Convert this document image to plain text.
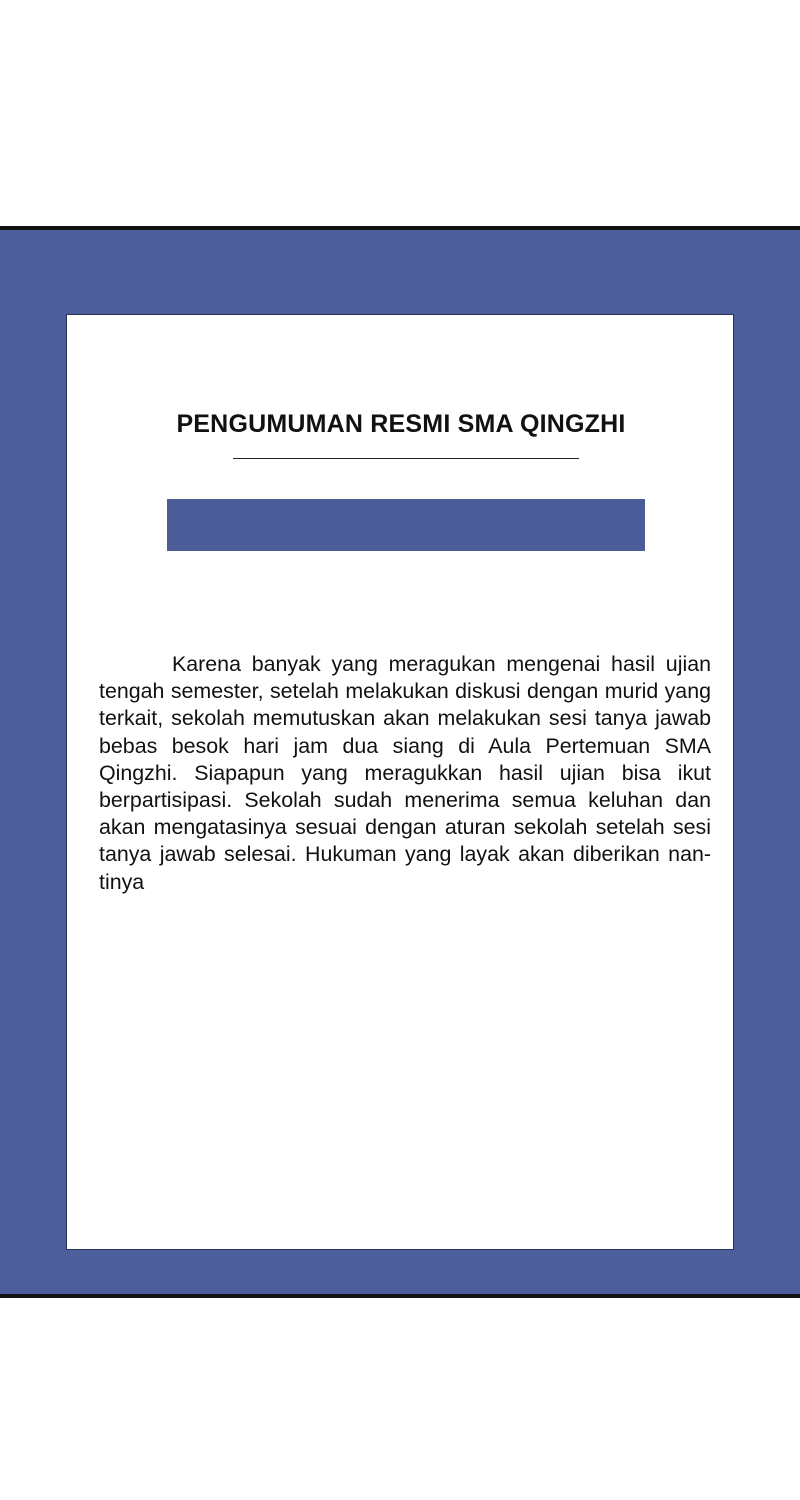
PENGUMUMAN RESMI SMA QINGZHI

Karena banyak yang meragukan mengenai hasil ujian tengah semester, setelah melakukan diskusi dengan murid yang terkait, sekolah memutuskan akan melakukan sesi tanya jawab bebas besok hari jam dua siang di Aula Pertemuan SMA Qingzhi. Siapapun yang meragukkan hasil ujian bisa ikut berpartisipasi. Sekolah sudah menerima semua keluhan dan akan mengatasinya sesuai dengan aturan sekolah setelah sesi tanya jawab selesai. Hukuman yang layak akan diberikan nan-tinya
